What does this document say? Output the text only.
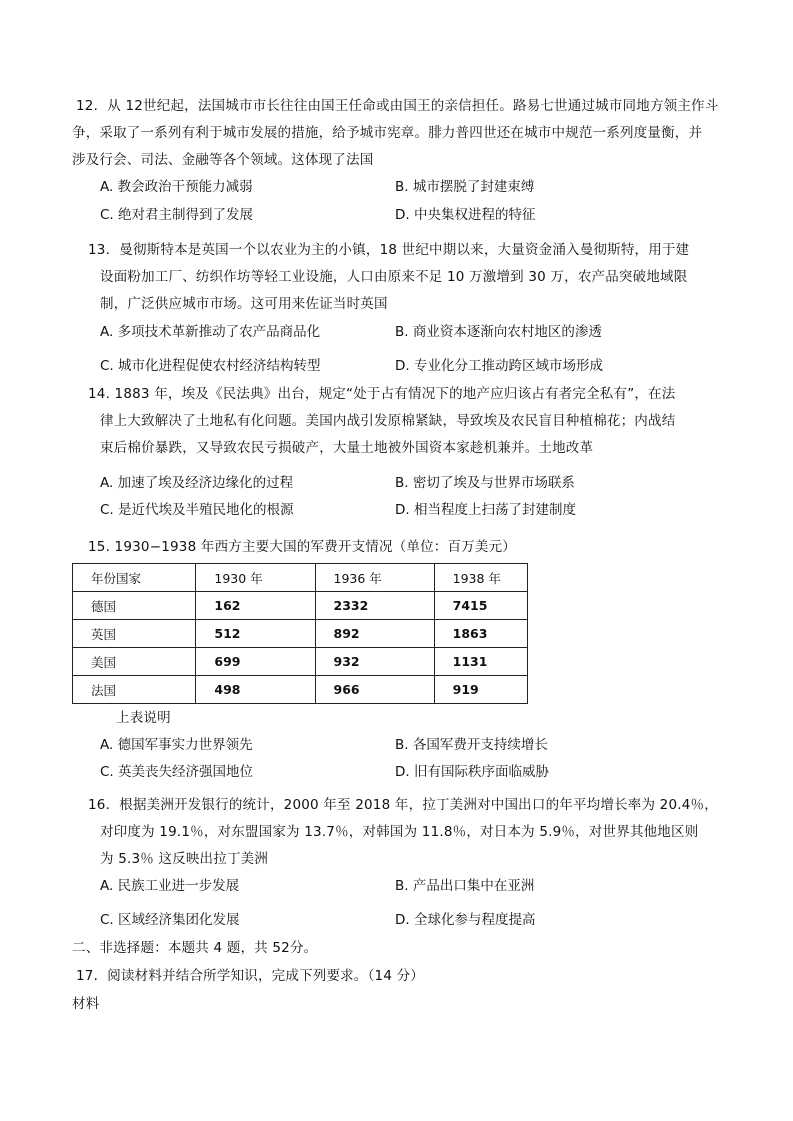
12．从 12世纪起，法国城市市长往往由国王任命或由国王的亲信担任。路易七世通过城市同地方领主作斗
争，采取了一系列有利于城市发展的措施，给予城市宪章。腓力普四世还在城市中规范一系列度量衡，并
涉及行会、司法、金融等各个领域。这体现了法国
A. 教会政治干预能力减弱	B. 城市摆脱了封建束缚
C. 绝对君主制得到了发展	D. 中央集权进程的特征
13．曼彻斯特本是英国一个以农业为主的小镇，18 世纪中期以来，大量资金涌入曼彻斯特，用于建
设面粉加工厂、纺织作坊等轻工业设施，人口由原来不足 10 万激增到 30 万，农产品突破地域限
制，广泛供应城市市场。这可用来佐证当时英国
A. 多项技术革新推动了农产品商品化	B. 商业资本逐渐向农村地区的渗透
C. 城市化进程促使农村经济结构转型	D. 专业化分工推动跨区域市场形成
14. 1883 年，埃及《民法典》出台，规定“处于占有情况下的地产应归该占有者完全私有”，在法
律上大致解决了土地私有化问题。美国内战引发原棉紧缺，导致埃及农民盲目种植棉花；内战结
束后棉价暴跌，又导致农民亏损破产，大量土地被外国资本家趁机兼并。土地改革
A. 加速了埃及经济边缘化的过程	B. 密切了埃及与世界市场联系
C. 是近代埃及半殖民地化的根源	D. 相当程度上扫荡了封建制度
15. 1930−1938 年西方主要大国的军费开支情况（单位：百万美元）
年份国家	1930 年	1936 年	1938 年
德国	162	2332	7415
英国	512	892	1863
美国	699	932	1131
法国	498	966	919
上表说明
A. 德国军事实力世界领先	B. 各国军费开支持续增长
C. 英美丧失经济强国地位	D. 旧有国际秩序面临威胁
16．根据美洲开发银行的统计，2000 年至 2018 年，拉丁美洲对中国出口的年平均增长率为 20.4％，
对印度为 19.1％，对东盟国家为 13.7％，对韩国为 11.8％，对日本为 5.9％，对世界其他地区则
为 5.3％ 这反映出拉丁美洲
A. 民族工业进一步发展	B. 产品出口集中在亚洲
C. 区域经济集团化发展	D. 全球化参与程度提高
二、非选择题：本题共 4 题，共 52分。
17．阅读材料并结合所学知识，完成下列要求。（14 分）
材料
